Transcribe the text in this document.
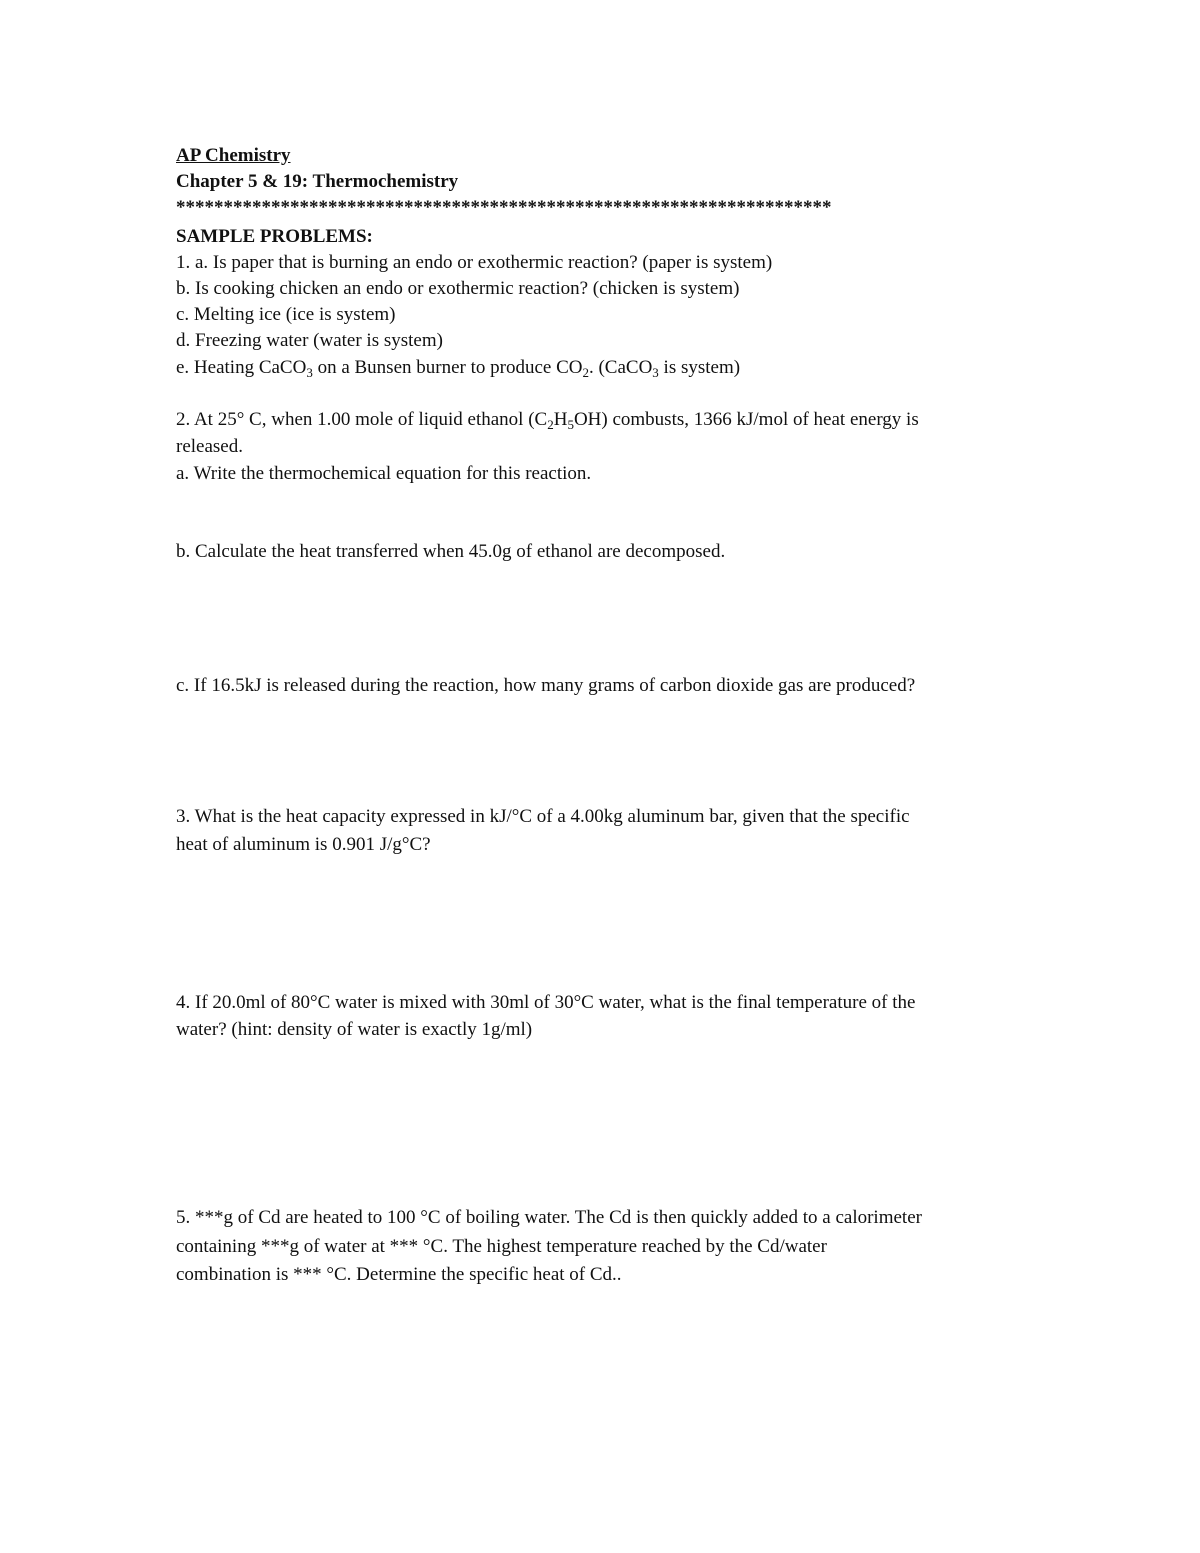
AP Chemistry
Chapter 5 & 19: Thermochemistry
*********************************************************************
SAMPLE PROBLEMS:
1. a. Is paper that is burning an endo or exothermic reaction? (paper is system)
b. Is cooking chicken an endo or exothermic reaction? (chicken is system)
c. Melting ice (ice is system)
d. Freezing water (water is system)
e. Heating CaCO$_3$ on a Bunsen burner to produce $CO_2$. (CaCO$_3$ is system)
2. At 25° C, when 1.00 mole of liquid ethanol $(C_2H_5OH)$ combusts, 1366 kJ/mol of heat energy is
released.
a. Write the thermochemical equation for this reaction.
b. Calculate the heat transferred when 45.0g of ethanol are decomposed.
c. If 16.5kJ is released during the reaction, how many grams of carbon dioxide gas are produced?
3. What is the heat capacity expressed in kJ/°C of a 4.00kg aluminum bar, given that the specific
heat of aluminum is 0.901 J/g°C?
4. If 20.0ml of 80°C water is mixed with 30ml of 30°C water, what is the final temperature of the
water? (hint: density of water is exactly 1g/ml)
5. ***g of Cd are heated to 100 °C of boiling water. The Cd is then quickly added to a calorimeter
containing ***g of water at *** °C. The highest temperature reached by the Cd/water
combination is *** °C. Determine the specific heat of Cd..
